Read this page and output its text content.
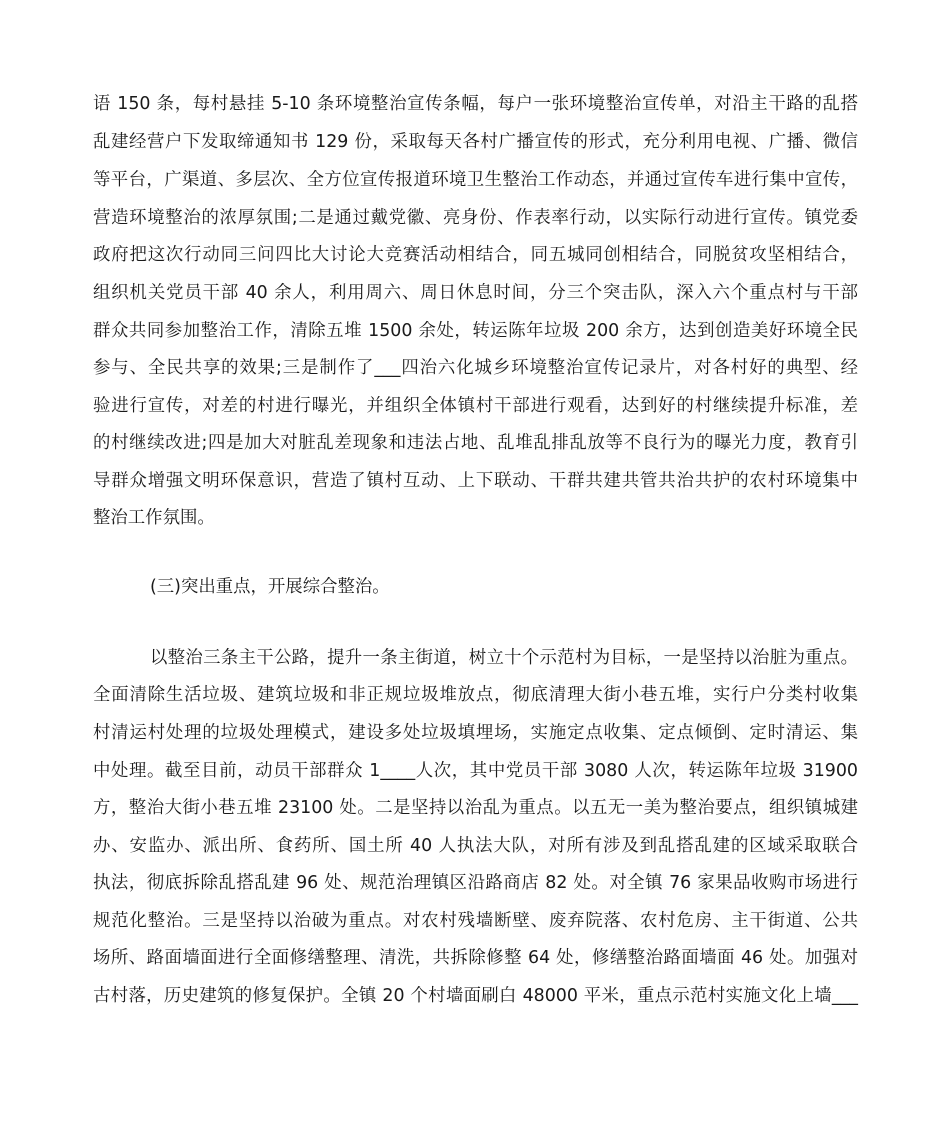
语 150 条，每村悬挂 5-10 条环境整治宣传条幅，每户一张环境整治宣传单，对沿主干路的乱搭
乱建经营户下发取缔通知书 129 份，采取每天各村广播宣传的形式，充分利用电视、广播、微信
等平台，广渠道、多层次、全方位宣传报道环境卫生整治工作动态，并通过宣传车进行集中宣传，
营造环境整治的浓厚氛围;二是通过戴党徽、亮身份、作表率行动，以实际行动进行宣传。镇党委
政府把这次行动同三问四比大讨论大竞赛活动相结合，同五城同创相结合，同脱贫攻坚相结合，
组织机关党员干部 40 余人，利用周六、周日休息时间，分三个突击队，深入六个重点村与干部
群众共同参加整治工作，清除五堆 1500 余处，转运陈年垃圾 200 余方，达到创造美好环境全民
参与、全民共享的效果;三是制作了___四治六化城乡环境整治宣传记录片，对各村好的典型、经
验进行宣传，对差的村进行曝光，并组织全体镇村干部进行观看，达到好的村继续提升标准，差
的村继续改进;四是加大对脏乱差现象和违法占地、乱堆乱排乱放等不良行为的曝光力度，教育引
导群众增强文明环保意识，营造了镇村互动、上下联动、干群共建共管共治共护的农村环境集中
整治工作氛围。
(三)突出重点，开展综合整治。
以整治三条主干公路，提升一条主街道，树立十个示范村为目标，一是坚持以治脏为重点。
全面清除生活垃圾、建筑垃圾和非正规垃圾堆放点，彻底清理大街小巷五堆，实行户分类村收集
村清运村处理的垃圾处理模式，建设多处垃圾填埋场，实施定点收集、定点倾倒、定时清运、集
中处理。截至目前，动员干部群众 1____人次，其中党员干部 3080 人次，转运陈年垃圾 31900
方，整治大街小巷五堆 23100 处。二是坚持以治乱为重点。以五无一美为整治要点，组织镇城建
办、安监办、派出所、食药所、国土所 40 人执法大队，对所有涉及到乱搭乱建的区域采取联合
执法，彻底拆除乱搭乱建 96 处、规范治理镇区沿路商店 82 处。对全镇 76 家果品收购市场进行
规范化整治。三是坚持以治破为重点。对农村残墙断壁、废弃院落、农村危房、主干街道、公共
场所、路面墙面进行全面修缮整理、清洗，共拆除修整 64 处，修缮整治路面墙面 46 处。加强对
古村落，历史建筑的修复保护。全镇 20 个村墙面刷白 48000 平米，重点示范村实施文化上墙___
